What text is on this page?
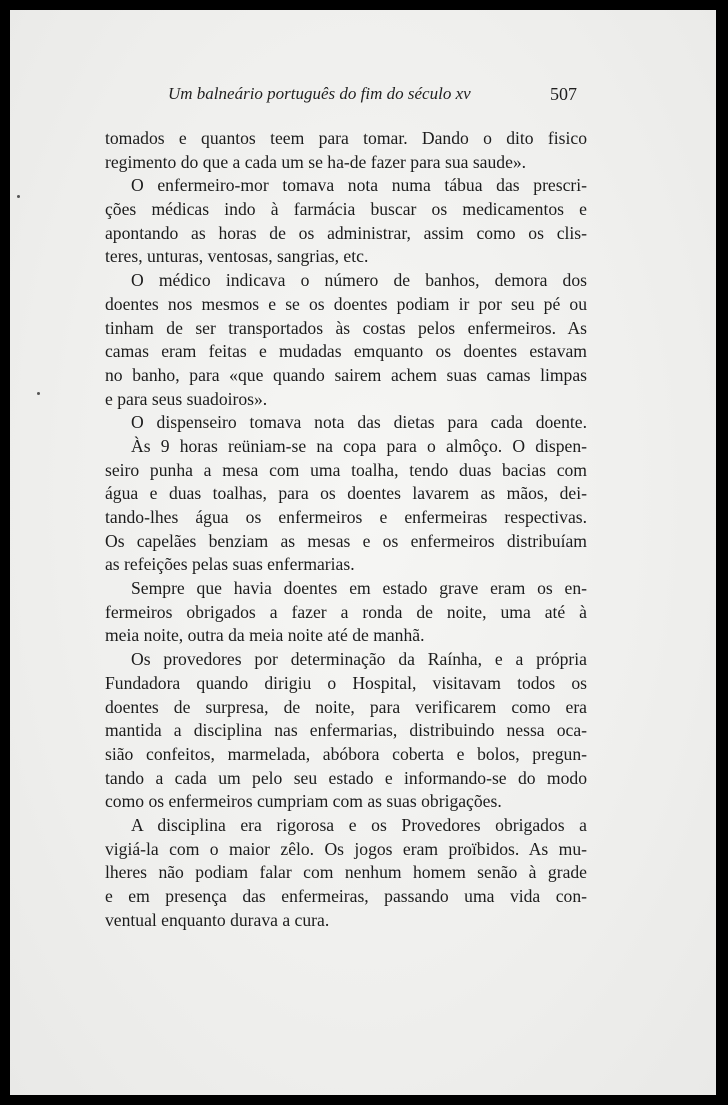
Um balneário português do fim do século xv	507
tomados e quantos teem para tomar. Dando o dito fisico
regimento do que a cada um se ha-de fazer para sua saude».
O enfermeiro-mor tomava nota numa tábua das prescri-
ções médicas indo à farmácia buscar os medicamentos e
apontando as horas de os administrar, assim como os clis-
teres, unturas, ventosas, sangrias, etc.
O médico indicava o número de banhos, demora dos
doentes nos mesmos e se os doentes podiam ir por seu pé ou
tinham de ser transportados às costas pelos enfermeiros. As
camas eram feitas e mudadas emquanto os doentes estavam
no banho, para «que quando sairem achem suas camas limpas
e para seus suadoiros».
O dispenseiro tomava nota das dietas para cada doente.
Às 9 horas reüniam-se na copa para o almôço. O dispen-
seiro punha a mesa com uma toalha, tendo duas bacias com
água e duas toalhas, para os doentes lavarem as mãos, dei-
tando-lhes água os enfermeiros e enfermeiras respectivas.
Os capelães benziam as mesas e os enfermeiros distribuíam
as refeições pelas suas enfermarias.
Sempre que havia doentes em estado grave eram os en-
fermeiros obrigados a fazer a ronda de noite, uma até à
meia noite, outra da meia noite até de manhã.
Os provedores por determinação da Raínha, e a própria
Fundadora quando dirigiu o Hospital, visitavam todos os
doentes de surpresa, de noite, para verificarem como era
mantida a disciplina nas enfermarias, distribuindo nessa oca-
sião confeitos, marmelada, abóbora coberta e bolos, pregun-
tando a cada um pelo seu estado e informando-se do modo
como os enfermeiros cumpriam com as suas obrigações.
A disciplina era rigorosa e os Provedores obrigados a
vigiá-la com o maior zêlo. Os jogos eram proïbidos. As mu-
lheres não podiam falar com nenhum homem senão à grade
e em presença das enfermeiras, passando uma vida con-
ventual enquanto durava a cura.
